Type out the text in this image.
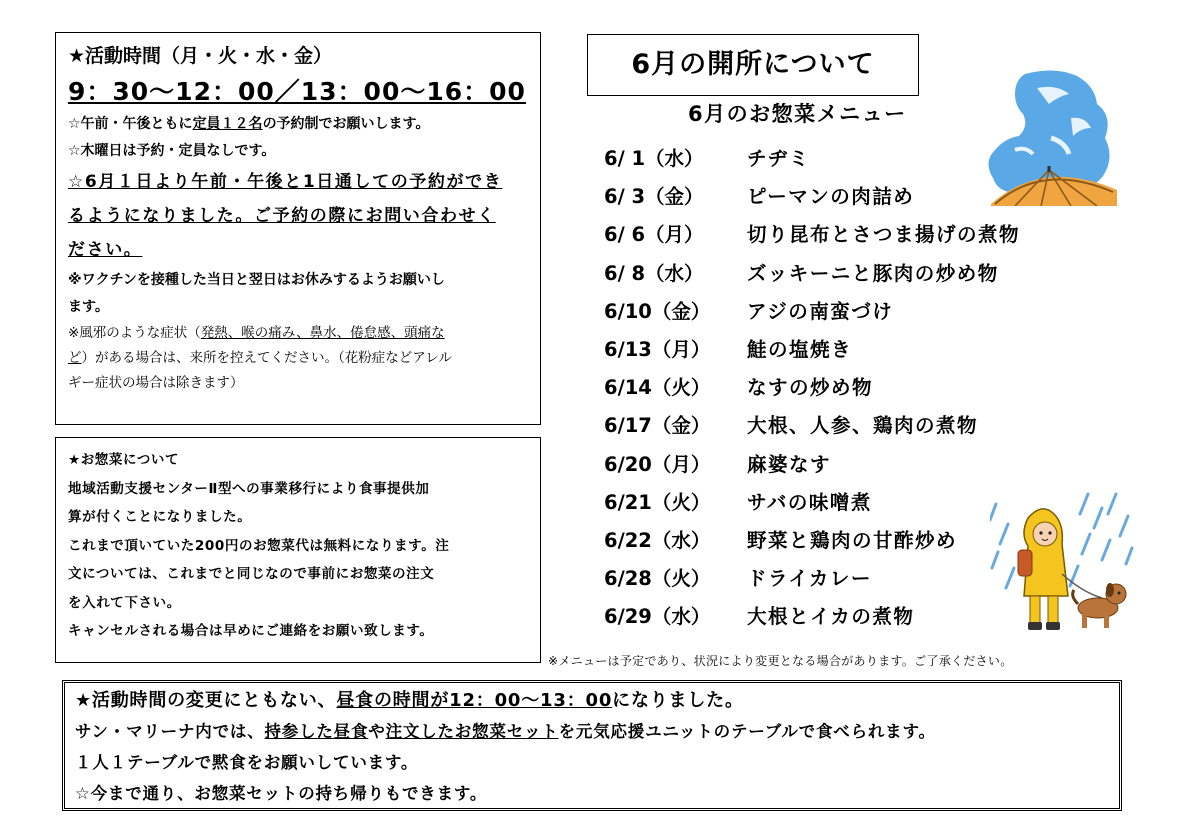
★活動時間（月・火・水・金）
9：30～12：00／13：00～16：00
☆午前・午後ともに定員１２名の予約制でお願いします。
☆木曜日は予約・定員なしです。
☆6月１日より午前・午後と1日通しての予約ができ
るようになりました。ご予約の際にお問い合わせく
ださい。
※ワクチンを接種した当日と翌日はお休みするようお願いし
ます。
※風邪のような症状（発熱、喉の痛み、鼻水、倦怠感、頭痛な
ど）がある場合は、来所を控えてください。（花粉症などアレル
ギー症状の場合は除きます）
★お惣菜について
地域活動支援センターⅡ型への事業移行により食事提供加
算が付くことになりました。
これまで頂いていた200円のお惣菜代は無料になります。注
文については、これまでと同じなので事前にお惣菜の注文
を入れて下さい。
キャンセルされる場合は早めにご連絡をお願い致します。
6月の開所について
6月のお惣菜メニュー
6/ 1（水） チヂミ
6/ 3（金） ピーマンの肉詰め
6/ 6（月） 切り昆布とさつま揚げの煮物
6/ 8（水） ズッキーニと豚肉の炒め物
6/10（金） アジの南蛮づけ
6/13（月） 鮭の塩焼き
6/14（火） なすの炒め物
6/17（金） 大根、人参、鶏肉の煮物
6/20（月） 麻婆なす
6/21（火） サバの味噌煮
6/22（水） 野菜と鶏肉の甘酢炒め
6/28（火） ドライカレー
6/29（水） 大根とイカの煮物
※メニューは予定であり、状況により変更となる場合があります。ご了承ください。
★活動時間の変更にともない、昼食の時間が12：00～13：00になりました。
サン・マリーナ内では、持参した昼食や注文したお惣菜セットを元気応援ユニットのテーブルで食べられます。
１人１テーブルで黙食をお願いしています。
☆今まで通り、お惣菜セットの持ち帰りもできます。
